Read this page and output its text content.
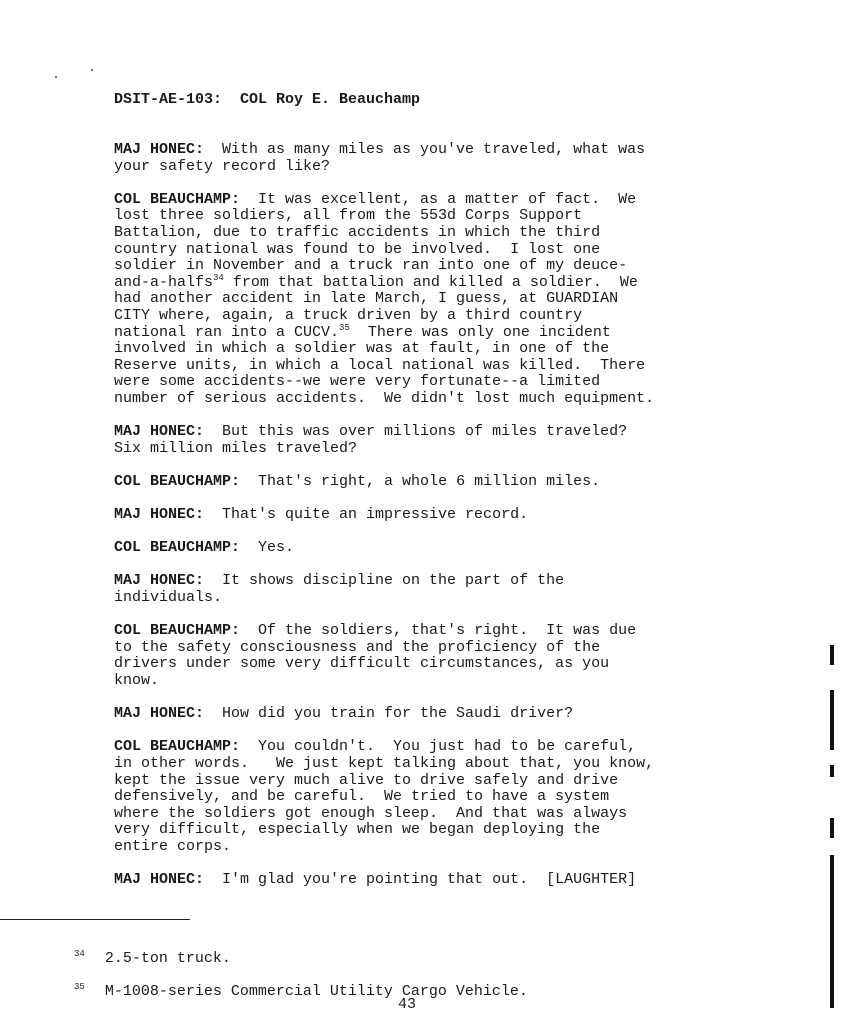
DSIT-AE-103:  COL Roy E. Beauchamp
MAJ HONEC:  With as many miles as you've traveled, what was
your safety record like?
COL BEAUCHAMP:  It was excellent, as a matter of fact.  We
lost three soldiers, all from the 553d Corps Support
Battalion, due to traffic accidents in which the third
country national was found to be involved.  I lost one
soldier in November and a truck ran into one of my deuce-
and-a-halfs$^{34}$ from that battalion and killed a soldier.  We
had another accident in late March, I guess, at GUARDIAN
CITY where, again, a truck driven by a third country
national ran into a CUCV.$^{35}$  There was only one incident
involved in which a soldier was at fault, in one of the
Reserve units, in which a local national was killed.  There
were some accidents--we were very fortunate--a limited
number of serious accidents.  We didn't lost much equipment.
MAJ HONEC:  But this was over millions of miles traveled?
Six million miles traveled?
COL BEAUCHAMP:  That's right, a whole 6 million miles.
MAJ HONEC:  That's quite an impressive record.
COL BEAUCHAMP:  Yes.
MAJ HONEC:  It shows discipline on the part of the
individuals.
COL BEAUCHAMP:  Of the soldiers, that's right.  It was due
to the safety consciousness and the proficiency of the
drivers under some very difficult circumstances, as you
know.
MAJ HONEC:  How did you train for the Saudi driver?
COL BEAUCHAMP:  You couldn't.  You just had to be careful,
in other words.   We just kept talking about that, you know,
kept the issue very much alive to drive safely and drive
defensively, and be careful.  We tried to have a system
where the soldiers got enough sleep.  And that was always
very difficult, especially when we began deploying the
entire corps.
MAJ HONEC:  I'm glad you're pointing that out.  [LAUGHTER]

$^{34}$ 2.5-ton truck.

$^{35}$ M-1008-series Commercial Utility Cargo Vehicle.

43
